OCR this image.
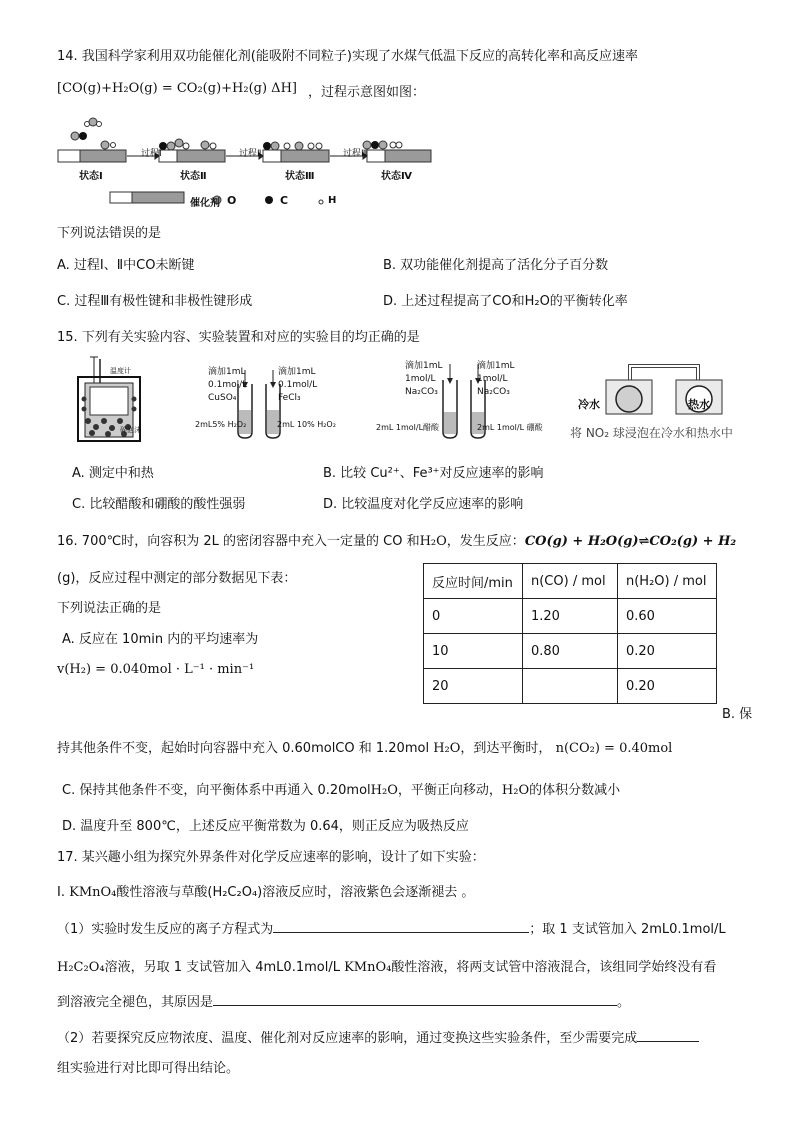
14. 我国科学家利用双功能催化剂(能吸附不同粒子)实现了水煤气低温下反应的高转化率和高反应速率
[CO(g)+H₂O(g) = CO₂(g)+H₂(g) ΔH] ，过程示意图如图：
过程Ⅰ	过程Ⅱ	过程Ⅲ
状态Ⅰ	状态Ⅱ	状态Ⅲ	状态Ⅳ
催化剂 O	C	H
下列说法错误的是
A. 过程Ⅰ、Ⅱ中CO未断键	B. 双功能催化剂提高了活化分子百分数
C. 过程Ⅲ有极性键和非极性键形成	D. 上述过程提高了CO和H₂O的平衡转化率
15. 下列有关实验内容、实验装置和对应的实验目的均正确的是
温度计
碎泡沫
滴加1mL
0.1mol/L
CuSO₄
滴加1mL
0.1mol/L
FeCl₃
2mL5% H₂O₂	2mL 10% H₂O₂
滴加1mL
1mol/L
Na₂CO₃
滴加1mL
1mol/L
Na₂CO₃
2mL 1mol/L醋酸	2mL 1mol/L 硼酸
冷水	热水
将 NO₂ 球浸泡在冷水和热水中
A. 测定中和热	B. 比较 Cu²⁺、Fe³⁺对反应速率的影响
C. 比较醋酸和硼酸的酸性强弱	D. 比较温度对化学反应速率的影响
16. 700℃时，向容积为 2L 的密闭容器中充入一定量的 CO 和H₂O，发生反应：CO(g) + H₂O(g)⇌CO₂(g) + H₂
(g)，反应过程中测定的部分数据见下表：
下列说法正确的是
A. 反应在 10min 内的平均速率为
v(H₂) = 0.040mol · L⁻¹ · min⁻¹
反应时间/min	n(CO) / mol	n(H₂O) / mol
0	1.20	0.60
10	0.80	0.20
20		0.20
B. 保
持其他条件不变，起始时向容器中充入 0.60molCO 和 1.20mol H₂O，到达平衡时， n(CO₂) = 0.40mol
C. 保持其他条件不变，向平衡体系中再通入 0.20molH₂O，平衡正向移动，H₂O的体积分数减小
D. 温度升至 800℃，上述反应平衡常数为 0.64，则正反应为吸热反应
17. 某兴趣小组为探究外界条件对化学反应速率的影响，设计了如下实验：
Ⅰ. KMnO₄酸性溶液与草酸(H₂C₂O₄)溶液反应时，溶液紫色会逐渐褪去 。
（1）实验时发生反应的离子方程式为	；取 1 支试管加入 2mL0.1mol/L
H₂C₂O₄溶液，另取 1 支试管加入 4mL0.1mol/L KMnO₄酸性溶液，将两支试管中溶液混合，该组同学始终没有看
到溶液完全褪色，其原因是	。
（2）若要探究反应物浓度、温度、催化剂对反应速率的影响，通过变换这些实验条件，至少需要完成
组实验进行对比即可得出结论。
